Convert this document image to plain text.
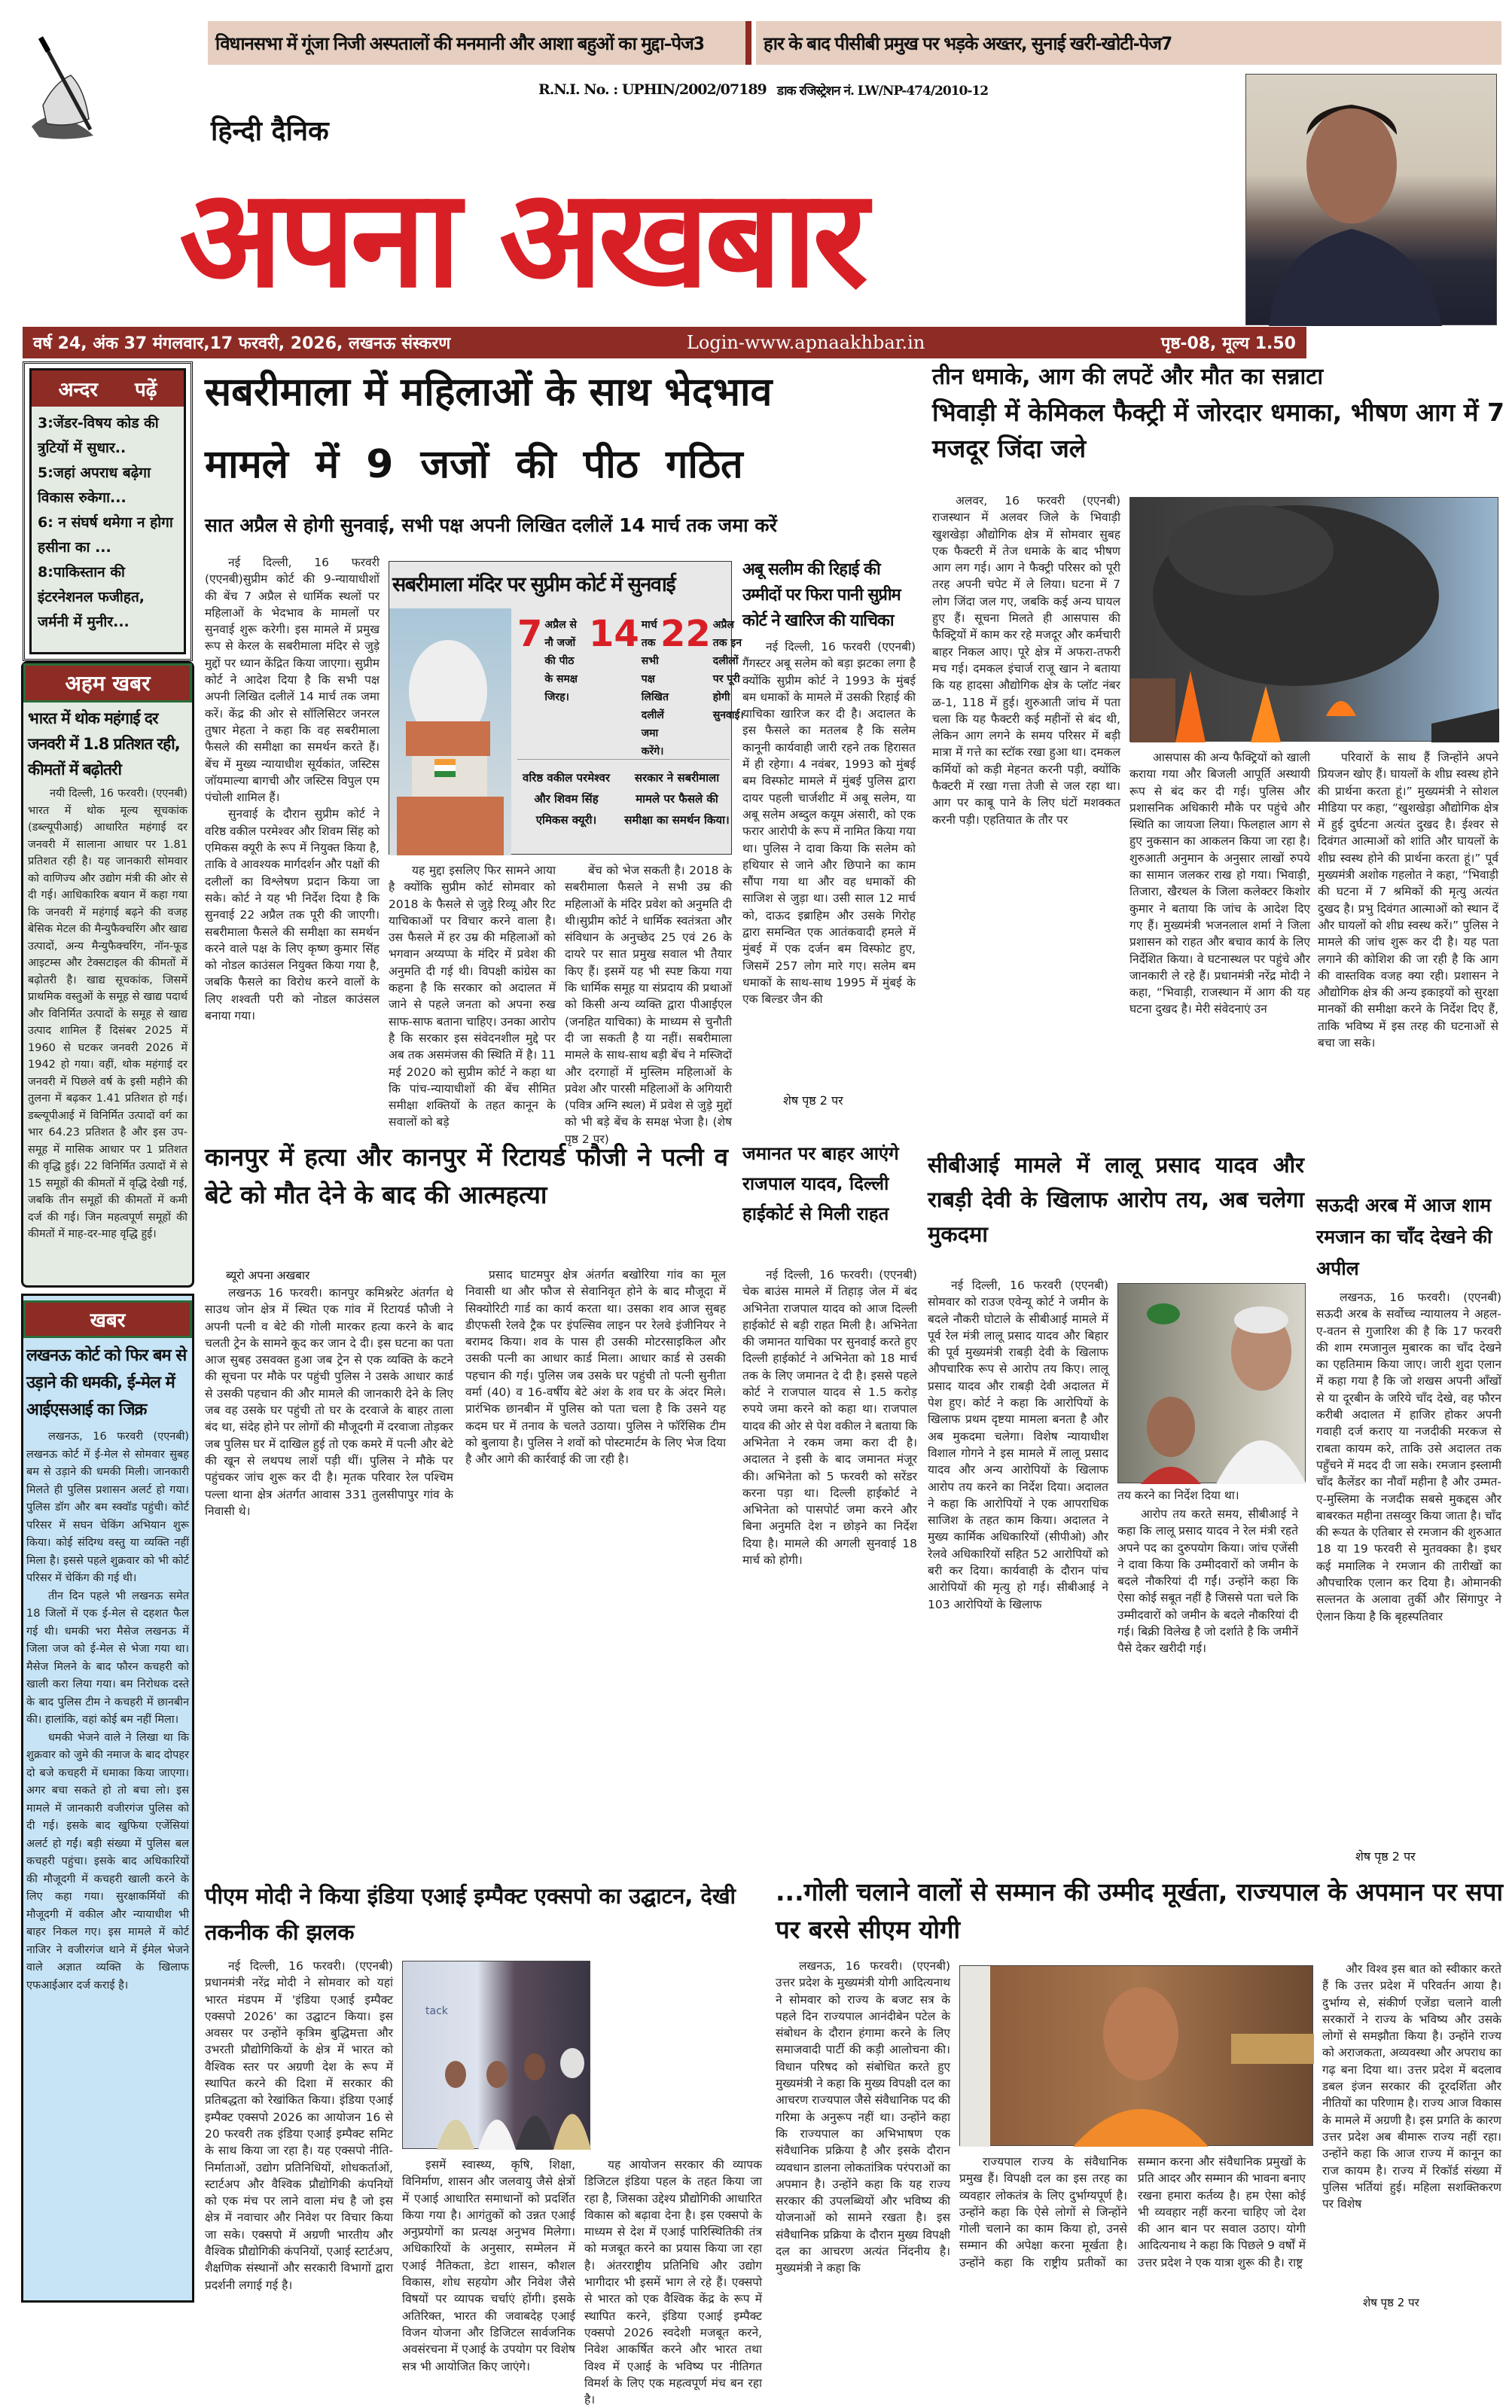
विधानसभा में गूंजा निजी अस्पतालों की मनमानी और आशा बहुओं का मुद्दा– पेज3	हार के बाद पीसीबी प्रमुख पर भड़के अख्तर, सुनाई खरी-खोटी- पेज7
R.N.I. No. : UPHIN/2002/07189 डाक रजिस्ट्रेशन नं. LW/NP-474/2010-12
हिन्दी दैनिक
अपना अखबार
वर्ष 24, अंक 37 मंगलवार,17 फरवरी, 2026, लखनऊ संस्करण	Login-www.apnaakhbar.in	पृष्ठ-08, मूल्य 1.50
अन्दर पढ़ें
3:जेंडर-विषय कोड की त्रुटियों में सुधार..
5:जहां अपराध बढ़ेगा विकास रुकेगा...
6: न संघर्ष थमेगा न होगा हसीना का ...
8:पाकिस्तान की इंटरनेशनल फजीहत, जर्मनी में मुनीर...
अहम खबर
भारत में थोक महंगाई दर जनवरी में 1.8 प्रतिशत रही, कीमतों में बढ़ोतरी

नयी दिल्ली, 16 फरवरी। (एएनबी) भारत में थोक मूल्य सूचकांक (डब्ल्यूपीआई) आधारित महंगाई दर जनवरी में सालाना आधार पर 1.81 प्रतिशत रही है। यह जानकारी सोमवार को वाणिज्य और उद्योग मंत्री की ओर से दी गई। आधिकारिक बयान में कहा गया कि जनवरी में महंगाई बढ़ने की वजह बेसिक मेटल की मैन्युफैक्चरिंग और खाद्य उत्पादों, अन्य मैन्युफैक्चरिंग, नॉन-फूड आइटम्स और टेक्सटाइल की कीमतों में बढ़ोतरी है। खाद्य सूचकांक, जिसमें प्राथमिक वस्तुओं के समूह से खाद्य पदार्थ और विनिर्मित उत्पादों के समूह से खाद्य उत्पाद शामिल हैं दिसंबर 2025 में 1960 से घटकर जनवरी 2026 में 1942 हो गया। वहीं, थोक महंगाई दर जनवरी में पिछले वर्ष के इसी महीने की तुलना में बढ़कर 1.41 प्रतिशत हो गई। डब्ल्यूपीआई में विनिर्मित उत्पादों वर्ग का भार 64.23 प्रतिशत है और इस उप-समूह में मासिक आधार पर 1 प्रतिशत की वृद्धि हुई। 22 विनिर्मित उत्पादों में से 15 समूहों की कीमतों में वृद्धि देखी गई, जबकि तीन समूहों की कीमतों में कमी दर्ज की गई। जिन महत्वपूर्ण समूहों की कीमतों में माह-दर-माह वृद्धि हुई।

खबर
लखनऊ कोर्ट को फिर बम से उड़ाने की धमकी, ई-मेल में आईएसआई का जिक्र

लखनऊ, 16 फरवरी (एएनबी) लखनऊ कोर्ट में ई-मेल से सोमवार सुबह बम से उड़ाने की धमकी मिली। जानकारी मिलते ही पुलिस प्रशासन अलर्ट हो गया। पुलिस डॉग और बम स्क्वॉड पहुंची। कोर्ट परिसर में सघन चेकिंग अभियान शुरू किया। कोई संदिग्ध वस्तु या व्यक्ति नहीं मिला है। इससे पहले शुक्रवार को भी कोर्ट परिसर में चेकिंग की गई थी।

तीन दिन पहले भी लखनऊ समेत 18 जिलों में एक ई-मेल से दहशत फैल गई थी। धमकी भरा मैसेज लखनऊ में जिला जज को ई-मेल से भेजा गया था। मैसेज मिलने के बाद फौरन कचहरी को खाली करा लिया गया। बम निरोधक दस्ते के बाद पुलिस टीम ने कचहरी में छानबीन की। हालांकि, वहां कोई बम नहीं मिला।

धमकी भेजने वाले ने लिखा था कि शुक्रवार को जुमे की नमाज के बाद दोपहर दो बजे कचहरी में धमाका किया जाएगा। अगर बचा सकते हो तो बचा लो। इस मामले में जानकारी वजीरगंज पुलिस को दी गई। इसके बाद खुफिया एजेंसियां अलर्ट हो गईं। बड़ी संख्या में पुलिस बल कचहरी पहुंचा। इसके बाद अधिकारियों की मौजूदगी में कचहरी खाली करने के लिए कहा गया। सुरक्षाकर्मियों की मौजूदगी में वकील और न्यायाधीश भी बाहर निकल गए। इस मामले में कोर्ट नाजिर ने वजीरगंज थाने में ईमेल भेजने वाले अज्ञात व्यक्ति के खिलाफ एफआईआर दर्ज कराई है।

सबरीमाला में महिलाओं के साथ भेदभाव
मामले में 9 जजों की पीठ गठित
सात अप्रैल से होगी सुनवाई, सभी पक्ष अपनी लिखित दलीलें 14 मार्च तक जमा करें

नई दिल्ली, 16 फरवरी (एएनबी)सुप्रीम कोर्ट की 9-न्यायाधीशों की बेंच 7 अप्रैल से धार्मिक स्थलों पर महिलाओं के भेदभाव के मामलों पर सुनवाई शुरू करेगी। इस मामले में प्रमुख रूप से केरल के सबरीमाला मंदिर से जुड़े मुद्दों पर ध्यान केंद्रित किया जाएगा। सुप्रीम कोर्ट ने आदेश दिया है कि सभी पक्ष अपनी लिखित दलीलें 14 मार्च तक जमा करें। केंद्र की ओर से सॉलिसिटर जनरल तुषार मेहता ने कहा कि वह सबरीमाला फैसले की समीक्षा का समर्थन करते हैं। बेंच में मुख्य न्यायाधीश सूर्यकांत, जस्टिस जॉयमाल्या बागची और जस्टिस विपुल एम पंचोली शामिल हैं।

सुनवाई के दौरान सुप्रीम कोर्ट ने वरिष्ठ वकील परमेश्वर और शिवम सिंह को एमिकस क्यूरी के रूप में नियुक्त किया है, ताकि वे आवश्यक मार्गदर्शन और पक्षों की दलीलों का विश्लेषण प्रदान किया जा सके। कोर्ट ने यह भी निर्देश दिया है कि सुनवाई 22 अप्रैल तक पूरी की जाएगी। सबरीमाला फैसले की समीक्षा का समर्थन करने वाले पक्ष के लिए कृष्ण कुमार सिंह को नोडल काउंसल नियुक्त किया गया है, जबकि फैसले का विरोध करने वालों के लिए शश्वती परी को नोडल काउंसल बनाया गया।

सबरीमाला मंदिर पर सुप्रीम कोर्ट में सुनवाई
7 अप्रैल से नौ जजों की पीठ के समक्ष जिरह।
14 मार्च तक सभी पक्ष लिखित दलीलें जमा करेंगे।
22 अप्रैल तक इन दलीलों पर पूरी होगी सुनवाई।
वरिष्ठ वकील परमेश्वर और शिवम सिंह एमिकस क्यूरी।
सरकार ने सबरीमाला मामले पर फैसले की समीक्षा का समर्थन किया।

यह मुद्दा इसलिए फिर सामने आया है क्योंकि सुप्रीम कोर्ट सोमवार को 2018 के फैसले से जुड़े रिव्यू और रिट याचिकाओं पर विचार करने वाला है। उस फैसले में हर उम्र की महिलाओं को भगवान अय्यप्पा के मंदिर में प्रवेश की अनुमति दी गई थी। विपक्षी कांग्रेस का कहना है कि सरकार को अदालत में जाने से पहले जनता को अपना रुख साफ-साफ बताना चाहिए। उनका आरोप है कि सरकार इस संवेदनशील मुद्दे पर अब तक असमंजस की स्थिति में है। 11 मई 2020 को सुप्रीम कोर्ट ने कहा था कि पांच-न्यायाधीशों की बेंच सीमित समीक्षा शक्तियों के तहत कानून के सवालों को बड़े

बेंच को भेज सकती है। 2018 के सबरीमाला फैसले ने सभी उम्र की महिलाओं के मंदिर प्रवेश को अनुमति दी थी।सुप्रीम कोर्ट ने धार्मिक स्वतंत्रता और संविधान के अनुच्छेद 25 एवं 26 के दायरे पर सात प्रमुख सवाल भी तैयार किए हैं। इसमें यह भी स्पष्ट किया गया कि धार्मिक समूह या संप्रदाय की प्रथाओं को किसी अन्य व्यक्ति द्वारा पीआईएल (जनहित याचिका) के माध्यम से चुनौती दी जा सकती है या नहीं। सबरीमाला मामले के साथ-साथ बड़ी बेंच ने मस्जिदों और दरगाहों में मुस्लिम महिलाओं के प्रवेश और पारसी महिलाओं के अगियारी (पवित्र अग्नि स्थल) में प्रवेश से जुड़े मुद्दों को भी बड़े बेंच के समक्ष भेजा है। (शेष पृष्ठ 2 पर)

अबू सलीम की रिहाई की उम्मीदों पर फिरा पानी सुप्रीम कोर्ट ने खारिज की याचिका

नई दिल्ली, 16 फरवरी (एएनबी) गैंगस्टर अबू सलेम को बड़ा झटका लगा है क्योंकि सुप्रीम कोर्ट ने 1993 के मुंबई बम धमाकों के मामले में उसकी रिहाई की याचिका खारिज कर दी है। अदालत के इस फैसले का मतलब है कि सलेम कानूनी कार्यवाही जारी रहने तक हिरासत में ही रहेगा। 4 नवंबर, 1993 को मुंबई बम विस्फोट मामले में मुंबई पुलिस द्वारा दायर पहली चार्जशीट में अबू सलेम, या अबू सलेम अब्दुल कयूम अंसारी, को एक फरार आरोपी के रूप में नामित किया गया था। पुलिस ने दावा किया कि सलेम को हथियार से जाने और छिपाने का काम सौंपा गया था और वह धमाकों की साजिश से जुड़ा था। उसी साल 12 मार्च को, दाऊद इब्राहिम और उसके गिरोह द्वारा समन्वित एक आतंकवादी हमले में मुंबई में एक दर्जन बम विस्फोट हुए, जिसमें 257 लोग मारे गए। सलेम बम धमाकों के साथ-साथ 1995 में मुंबई के एक बिल्डर जैन की

शेष पृष्ठ 2 पर
तीन धमाके, आग की लपटें और मौत का सन्नाटा
भिवाड़ी में केमिकल फैक्ट्री में जोरदार धमाका, भीषण आग में 7 मजदूर जिंदा जले

अलवर, 16 फरवरी (एएनबी) राजस्थान में अलवर जिले के भिवाड़ी खुशखेड़ा औद्योगिक क्षेत्र में सोमवार सुबह एक फैक्टरी में तेज धमाके के बाद भीषण आग लग गई। आग ने फैक्ट्री परिसर को पूरी तरह अपनी चपेट में ले लिया। घटना में 7 लोग जिंदा जल गए, जबकि कई अन्य घायल हुए हैं। सूचना मिलते ही आसपास की फैक्ट्रियों में काम कर रहे मजदूर और कर्मचारी बाहर निकल आए। पूरे क्षेत्र में अफरा-तफरी मच गई। दमकल इंचार्ज राजू खान ने बताया कि यह हादसा औद्योगिक क्षेत्र के प्लॉट नंबर ळ-1, 118 में हुई। शुरुआती जांच में पता चला कि यह फैक्टरी कई महीनों से बंद थी, लेकिन आग लगने के समय परिसर में बड़ी मात्रा में गत्ते का स्टॉक रखा हुआ था। दमकल कर्मियों को कड़ी मेहनत करनी पड़ी, क्योंकि फैक्टरी में रखा गत्ता तेजी से जल रहा था। आग पर काबू पाने के लिए घंटों मशक्कत करनी पड़ी। एहतियात के तौर पर

आसपास की अन्य फैक्ट्रियों को खाली कराया गया और बिजली आपूर्ति अस्थायी रूप से बंद कर दी गई। पुलिस और प्रशासनिक अधिकारी मौके पर पहुंचे और स्थिति का जायजा लिया। फिलहाल आग से हुए नुकसान का आकलन किया जा रहा है। शुरुआती अनुमान के अनुसार लाखों रुपये का सामान जलकर राख हो गया। भिवाड़ी, तिजारा, खैरथल के जिला कलेक्टर किशोर कुमार ने बताया कि जांच के आदेश दिए गए हैं। मुख्यमंत्री भजनलाल शर्मा ने जिला प्रशासन को राहत और बचाव कार्य के लिए निर्देशित किया। वे घटनास्थल पर पहुंचे और जानकारी ले रहे हैं। प्रधानमंत्री नरेंद्र मोदी ने कहा, “भिवाड़ी, राजस्थान में आग की यह घटना दुखद है। मेरी संवेदनाएं उन

परिवारों के साथ हैं जिन्होंने अपने प्रियजन खोए हैं। घायलों के शीघ्र स्वस्थ होने की प्रार्थना करता हूं।” मुख्यमंत्री ने सोशल मीडिया पर कहा, “खुशखेड़ा औद्योगिक क्षेत्र में हुई दुर्घटना अत्यंत दुखद है। ईश्वर से दिवंगत आत्माओं को शांति और घायलों के शीघ्र स्वस्थ होने की प्रार्थना करता हूं।” पूर्व मुख्यमंत्री अशोक गहलोत ने कहा, “भिवाड़ी की घटना में 7 श्रमिकों की मृत्यु अत्यंत दुखद है। प्रभु दिवंगत आत्माओं को स्थान दें और घायलों को शीघ्र स्वस्थ करें।” पुलिस ने मामले की जांच शुरू कर दी है। यह पता लगाने की कोशिश की जा रही है कि आग की वास्तविक वजह क्या रही। प्रशासन ने औद्योगिक क्षेत्र की अन्य इकाइयों को सुरक्षा मानकों की समीक्षा करने के निर्देश दिए हैं, ताकि भविष्य में इस तरह की घटनाओं से बचा जा सके।

कानपुर में हत्या और कानपुर में रिटायर्ड फौजी ने पत्नी व बेटे को मौत देने के बाद की आत्महत्या
ब्यूरो अपना अखबार

लखनऊ 16 फरवरी। कानपुर कमिश्नरेट अंतर्गत थे साउथ जोन क्षेत्र में स्थित एक गांव में रिटायर्ड फौजी ने अपनी पत्नी व बेटे की गोली मारकर हत्या करने के बाद चलती ट्रेन के सामने कूद कर जान दे दी। इस घटना का पता आज सुबह उसवक्त हुआ जब ट्रेन से एक व्यक्ति के कटने की सूचना पर मौके पर पहुंची पुलिस ने उसके आधार कार्ड से उसकी पहचान की और मामले की जानकारी देने के लिए जब वह उसके घर पहुंची तो घर के दरवाजे के बाहर ताला बंद था, संदेह होने पर लोगों की मौजूदगी में दरवाजा तोड़कर जब पुलिस घर में दाखिल हुई तो एक कमरे में पत्नी और बेटे की खून से लथपथ लाशें पड़ी थीं। पुलिस ने मौके पर पहुंचकर जांच शुरू कर दी है। मृतक परिवार रेल पश्चिम पल्ला थाना क्षेत्र अंतर्गत आवास 331 तुलसीपापुर गांव के निवासी थे।

प्रसाद घाटमपुर क्षेत्र अंतर्गत बखोरिया गांव का मूल निवासी था और फौज से सेवानिवृत होने के बाद मौजूदा में सिक्योरिटी गार्ड का कार्य करता था। उसका शव आज सुबह डीएफसी रेलवे ट्रैक पर इंपल्सिव लाइन पर रेलवे इंजीनियर ने बरामद किया। शव के पास ही उसकी मोटरसाइकिल और उसकी पत्नी का आधार कार्ड मिला। आधार कार्ड से उसकी पहचान की गई। पुलिस जब उसके घर पहुंची तो पत्नी सुनीता वर्मा (40) व 16-वर्षीय बेटे अंश के शव घर के अंदर मिले। प्रारंभिक छानबीन में पुलिस को पता चला है कि उसने यह कदम घर में तनाव के चलते उठाया। पुलिस ने फॉरेंसिक टीम को बुलाया है। पुलिस ने शवों को पोस्टमार्टम के लिए भेज दिया है और आगे की कार्रवाई की जा रही है।

जमानत पर बाहर आएंगे राजपाल यादव, दिल्ली हाईकोर्ट से मिली राहत

नई दिल्ली, 16 फरवरी। (एएनबी) चेक बाउंस मामले में तिहाड़ जेल में बंद अभिनेता राजपाल यादव को आज दिल्ली हाईकोर्ट से बड़ी राहत मिली है। अभिनेता की जमानत याचिका पर सुनवाई करते हुए दिल्ली हाईकोर्ट ने अभिनेता को 18 मार्च तक के लिए जमानत दे दी है। इससे पहले कोर्ट ने राजपाल यादव से 1.5 करोड़ रुपये जमा करने को कहा था। राजपाल यादव की ओर से पेश वकील ने बताया कि अभिनेता ने रकम जमा करा दी है। अदालत ने इसी के बाद जमानत मंजूर की। अभिनेता को 5 फरवरी को सरेंडर करना पड़ा था। दिल्ली हाईकोर्ट ने अभिनेता को पासपोर्ट जमा करने और बिना अनुमति देश न छोड़ने का निर्देश दिया है। मामले की अगली सुनवाई 18 मार्च को होगी।

सीबीआई मामले में लालू प्रसाद यादव और राबड़ी देवी के खिलाफ आरोप तय, अब चलेगा मुकदमा

नई दिल्ली, 16 फरवरी (एएनबी) सोमवार को राउज एवेन्यू कोर्ट ने जमीन के बदले नौकरी घोटाले के सीबीआई मामले में पूर्व रेल मंत्री लालू प्रसाद यादव और बिहार की पूर्व मुख्यमंत्री राबड़ी देवी के खिलाफ औपचारिक रूप से आरोप तय किए। लालू प्रसाद यादव और राबड़ी देवी अदालत में पेश हुए। कोर्ट ने कहा कि आरोपियों के खिलाफ प्रथम दृष्टया मामला बनता है और अब मुकदमा चलेगा। विशेष न्यायाधीश विशाल गोगने ने इस मामले में लालू प्रसाद यादव और अन्य आरोपियों के खिलाफ आरोप तय करने का निर्देश दिया। अदालत ने कहा कि आरोपियों ने एक आपराधिक साजिश के तहत काम किया। अदालत ने मुख्य कार्मिक अधिकारियों (सीपीओ) और रेलवे अधिकारियों सहित 52 आरोपियों को बरी कर दिया। कार्यवाही के दौरान पांच आरोपियों की मृत्यु हो गई। सीबीआई ने 103 आरोपियों के खिलाफ

तय करने का निर्देश दिया था।

आरोप तय करते समय, सीबीआई ने कहा कि लालू प्रसाद यादव ने रेल मंत्री रहते अपने पद का दुरुपयोग किया। जांच एजेंसी ने दावा किया कि उम्मीदवारों को जमीन के बदले नौकरियां दी गईं। उन्होंने कहा कि ऐसा कोई सबूत नहीं है जिससे पता चले कि उम्मीदवारों को जमीन के बदले नौकरियां दी गई। बिक्री विलेख है जो दर्शाते है कि जमीनें पैसे देकर खरीदी गई।

सऊदी अरब में आज शाम रमजान का चाँद देखने की अपील

लखनऊ, 16 फरवरी। (एएनबी) सऊदी अरब के सर्वोच्च न्यायालय ने अहल-ए-वतन से गुजारिश की है कि 17 फरवरी की शाम रमजानुल मुबारक का चाँद देखने का एहतिमाम किया जाए। जारी शुदा एलान में कहा गया है कि जो शखस अपनी आँखों से या दूरबीन के जरिये चाँद देखे, वह फौरन करीबी अदालत में हाजिर होकर अपनी गवाही दर्ज कराए या नजदीकी मरकज से राबता कायम करे, ताकि उसे अदालत तक पहुँचने में मदद दी जा सके। रमजान इस्लामी चाँद कैलेंडर का नौवाँ महीना है और उम्मत-ए-मुस्लिमा के नजदीक सबसे मुकद्दस और बाबरकत महीना तसव्वुर किया जाता है। चाँद की रूयत के एतिबार से रमजान की शुरुआत 18 या 19 फरवरी से मुतवक्का है। इधर कई ममालिक ने रमजान की तारीखों का औपचारिक एलान कर दिया है। ओमानकी सल्तनत के अलावा तुर्की और सिंगापुर ने ऐलान किया है कि बृहस्पतिवार

शेष पृष्ठ 2 पर
पीएम मोदी ने किया इंडिया एआई इम्पैक्ट एक्सपो का उद्घाटन, देखी तकनीक की झलक

नई दिल्ली, 16 फरवरी। (एएनबी) प्रधानमंत्री नरेंद्र मोदी ने सोमवार को यहां भारत मंडपम में 'इंडिया एआई इम्पैक्ट एक्सपो 2026' का उद्घाटन किया। इस अवसर पर उन्होंने कृत्रिम बुद्धिमत्ता और उभरती प्रौद्योगिकियों के क्षेत्र में भारत को वैश्विक स्तर पर अग्रणी देश के रूप में स्थापित करने की दिशा में सरकार की प्रतिबद्धता को रेखांकित किया। इंडिया एआई इम्पैक्ट एक्सपो 2026 का आयोजन 16 से 20 फरवरी तक इंडिया एआई इम्पैक्ट समिट के साथ किया जा रहा है। यह एक्सपो नीति-निर्माताओं, उद्योग प्रतिनिधियों, शोधकर्ताओं, स्टार्टअप और वैश्विक प्रौद्योगिकी कंपनियों को एक मंच पर लाने वाला मंच है जो इस क्षेत्र में नवाचार और निवेश पर विचार किया जा सके। एक्सपो में अग्रणी भारतीय और वैश्विक प्रौद्योगिकी कंपनियों, एआई स्टार्टअप, शैक्षणिक संस्थानों और सरकारी विभागों द्वारा प्रदर्शनी लगाई गई है।

tack

इसमें स्वास्थ्य, कृषि, शिक्षा, विनिर्माण, शासन और जलवायु जैसे क्षेत्रों में एआई आधारित समाधानों को प्रदर्शित किया गया है। आगंतुकों को उन्नत एआई अनुप्रयोगों का प्रत्यक्ष अनुभव मिलेगा। अधिकारियों के अनुसार, सम्मेलन में एआई नैतिकता, डेटा शासन, कौशल विकास, शोध सहयोग और निवेश जैसे विषयों पर व्यापक चर्चाएं होंगी। इसके अतिरिक्त, भारत की जवाबदेह एआई विजन योजना और डिजिटल सार्वजनिक अवसंरचना में एआई के उपयोग पर विशेष सत्र भी आयोजित किए जाएंगे।

यह आयोजन सरकार की व्यापक डिजिटल इंडिया पहल के तहत किया जा रहा है, जिसका उद्देश्य प्रौद्योगिकी आधारित विकास को बढ़ावा देना है। इस एक्सपो के माध्यम से देश में एआई पारिस्थितिकी तंत्र को मजबूत करने का प्रयास किया जा रहा है। अंतरराष्ट्रीय प्रतिनिधि और उद्योग भागीदार भी इसमें भाग ले रहे हैं। एक्सपो से भारत को एक वैश्विक केंद्र के रूप में स्थापित करने, इंडिया एआई इम्पैक्ट एक्सपो 2026 स्वदेशी मजबूत करने, निवेश आकर्षित करने और भारत तथा विश्व में एआई के भविष्य पर नीतिगत विमर्श के लिए एक महत्वपूर्ण मंच बन रहा है।

...गोली चलाने वालों से सम्मान की उम्मीद मूर्खता, राज्यपाल के अपमान पर सपा पर बरसे सीएम योगी

लखनऊ, 16 फरवरी। (एएनबी) उत्तर प्रदेश के मुख्यमंत्री योगी आदित्यनाथ ने सोमवार को राज्य के बजट सत्र के पहले दिन राज्यपाल आनंदीबेन पटेल के संबोधन के दौरान हंगामा करने के लिए समाजवादी पार्टी की कड़ी आलोचना की। विधान परिषद को संबोधित करते हुए मुख्यमंत्री ने कहा कि मुख्य विपक्षी दल का आचरण राज्यपाल जैसे संवैधानिक पद की गरिमा के अनुरूप नहीं था। उन्होंने कहा कि राज्यपाल का अभिभाषण एक संवैधानिक प्रक्रिया है और इसके दौरान व्यवधान डालना लोकतांत्रिक परंपराओं का अपमान है। उन्होंने कहा कि यह राज्य सरकार की उपलब्धियों और भविष्य की योजनाओं को सामने रखता है। इस संवैधानिक प्रक्रिया के दौरान मुख्य विपक्षी दल का आचरण अत्यंत निंदनीय है। मुख्यमंत्री ने कहा कि

राज्यपाल राज्य के संवैधानिक प्रमुख हैं। विपक्षी दल का इस तरह का व्यवहार लोकतंत्र के लिए दुर्भाग्यपूर्ण है। उन्होंने कहा कि ऐसे लोगों से जिन्होंने गोली चलाने का काम किया हो, उनसे सम्मान की अपेक्षा करना मूर्खता है। उन्होंने कहा कि राष्ट्रीय प्रतीकों का सम्मान करना और संवैधानिक प्रमुखों के प्रति आदर और सम्मान की भावना बनाए रखना हमारा कर्तव्य है। हम ऐसा कोई भी व्यवहार नहीं करना चाहिए जो देश की आन बान पर सवाल उठाए। योगी आदित्यनाथ ने कहा कि पिछले 9 वर्षों में उत्तर प्रदेश ने एक यात्रा शुरू की है। राष्ट्र

और विश्व इस बात को स्वीकार करते हैं कि उत्तर प्रदेश में परिवर्तन आया है। दुर्भाग्य से, संकीर्ण एजेंडा चलाने वाली सरकारों ने राज्य के भविष्य और उसके लोगों से समझौता किया है। उन्होंने राज्य को अराजकता, अव्यवस्था और अपराध का गढ़ बना दिया था। उत्तर प्रदेश में बदलाव डबल इंजन सरकार की दूरदर्शिता और नीतियों का परिणाम है। राज्य आज विकास के मामले में अग्रणी है। इस प्रगति के कारण उत्तर प्रदेश अब बीमारू राज्य नहीं रहा। उन्होंने कहा कि आज राज्य में कानून का राज कायम है। राज्य में रिकॉर्ड संख्या में पुलिस भर्तियां हुई। महिला सशक्तिकरण पर विशेष

शेष पृष्ठ 2 पर
